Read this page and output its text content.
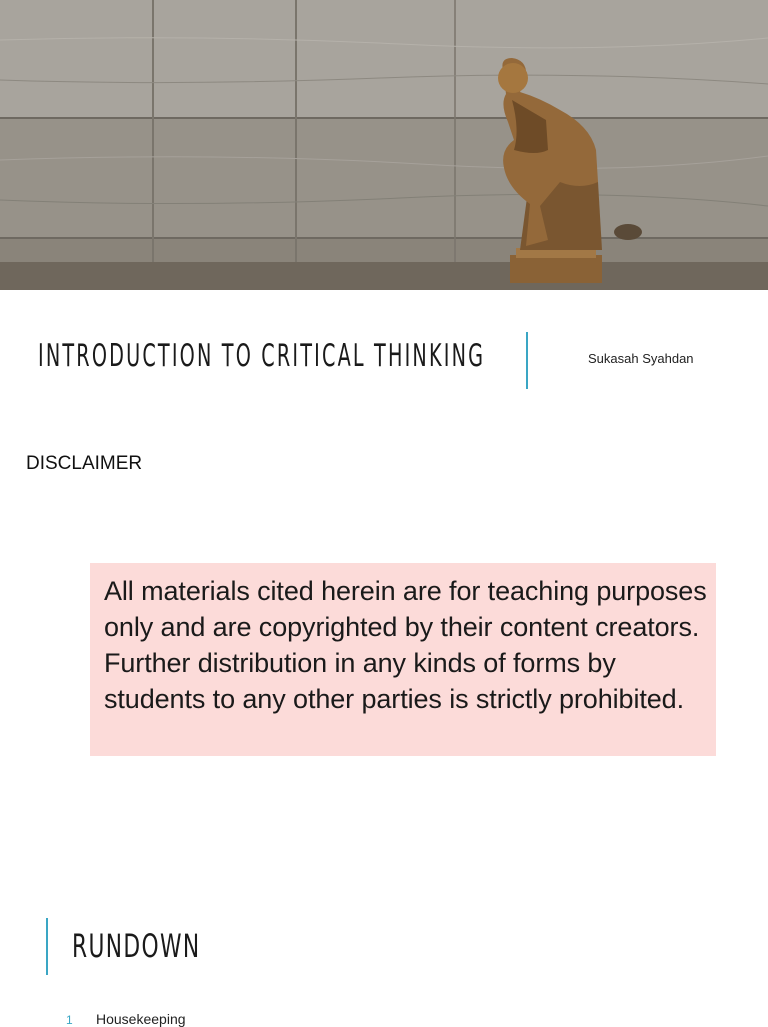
INTRODUCTION TO CRITICAL THINKING	Sukasah Syahdan
DISCLAIMER

All materials cited herein are for teaching purposes only and are copyrighted by their content creators. Further distribution in any kinds of forms by students to any other parties is strictly prohibited.

RUNDOWN
1	Housekeeping
